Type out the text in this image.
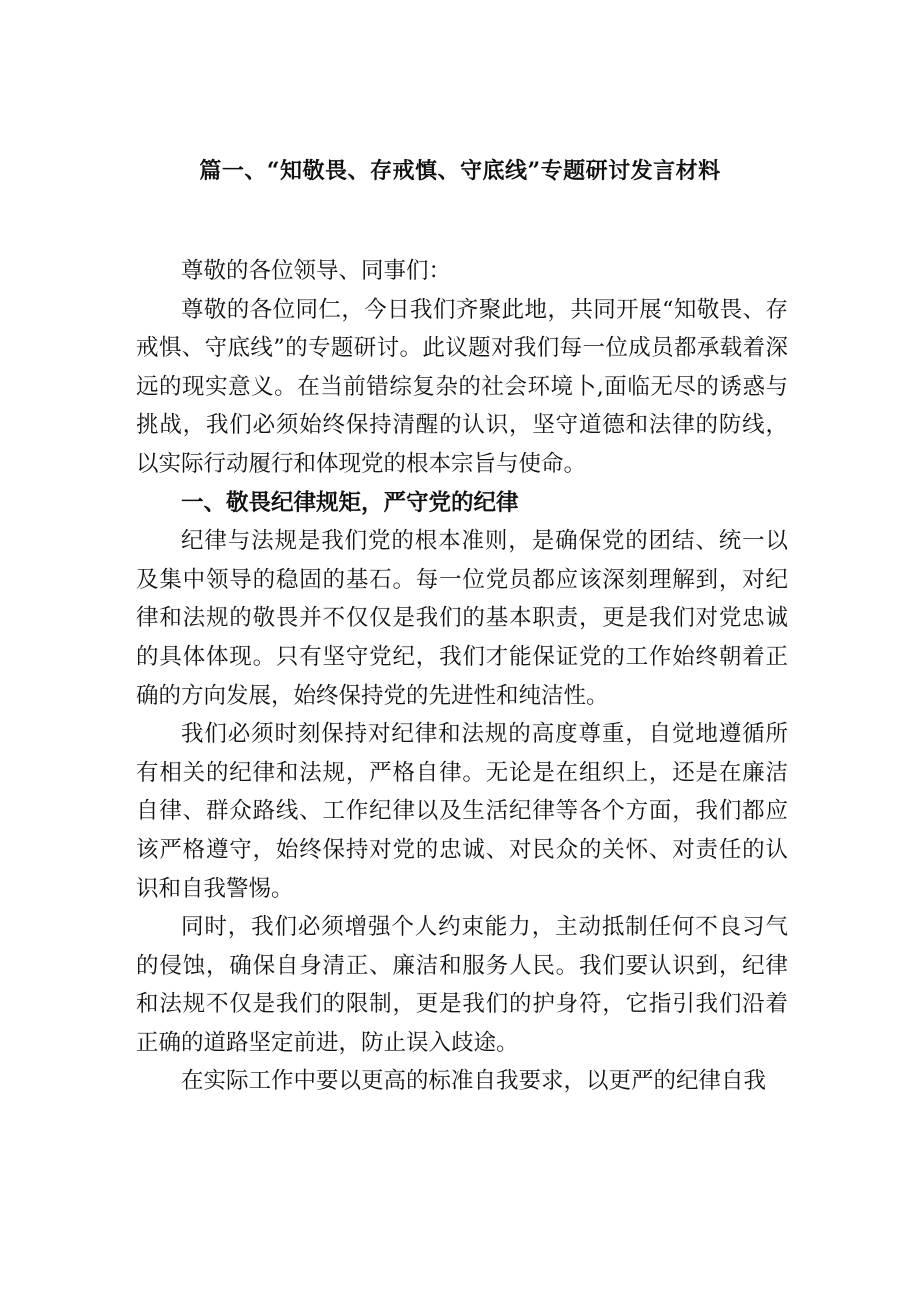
篇一、“知敬畏、存戒慎、守底线”专题研讨发言材料

尊敬的各位领导、同事们：

尊敬的各位同仁，今日我们齐聚此地，共同开展“知敬畏、存戒惧、守底线”的专题研讨。此议题对我们每一位成员都承载着深远的现实意义。在当前错综复杂的社会环境卜,面临无尽的诱惑与挑战，我们必须始终保持清醒的认识，坚守道德和法律的防线，以实际行动履行和体现党的根本宗旨与使命。

一、敬畏纪律规矩，严守党的纪律

纪律与法规是我们党的根本准则，是确保党的团结、统一以及集中领导的稳固的基石。每一位党员都应该深刻理解到，对纪律和法规的敬畏并不仅仅是我们的基本职责，更是我们对党忠诚的具体体现。只有坚守党纪，我们才能保证党的工作始终朝着正确的方向发展，始终保持党的先进性和纯洁性。

我们必须时刻保持对纪律和法规的高度尊重，自觉地遵循所有相关的纪律和法规，严格自律。无论是在组织上，还是在廉洁自律、群众路线、工作纪律以及生活纪律等各个方面，我们都应该严格遵守，始终保持对党的忠诚、对民众的关怀、对责任的认识和自我警惕。

同时，我们必须增强个人约束能力，主动抵制任何不良习气的侵蚀，确保自身清正、廉洁和服务人民。我们要认识到，纪律和法规不仅是我们的限制，更是我们的护身符，它指引我们沿着正确的道路坚定前进，防止误入歧途。

在实际工作中要以更高的标准自我要求，以更严的纪律自我
